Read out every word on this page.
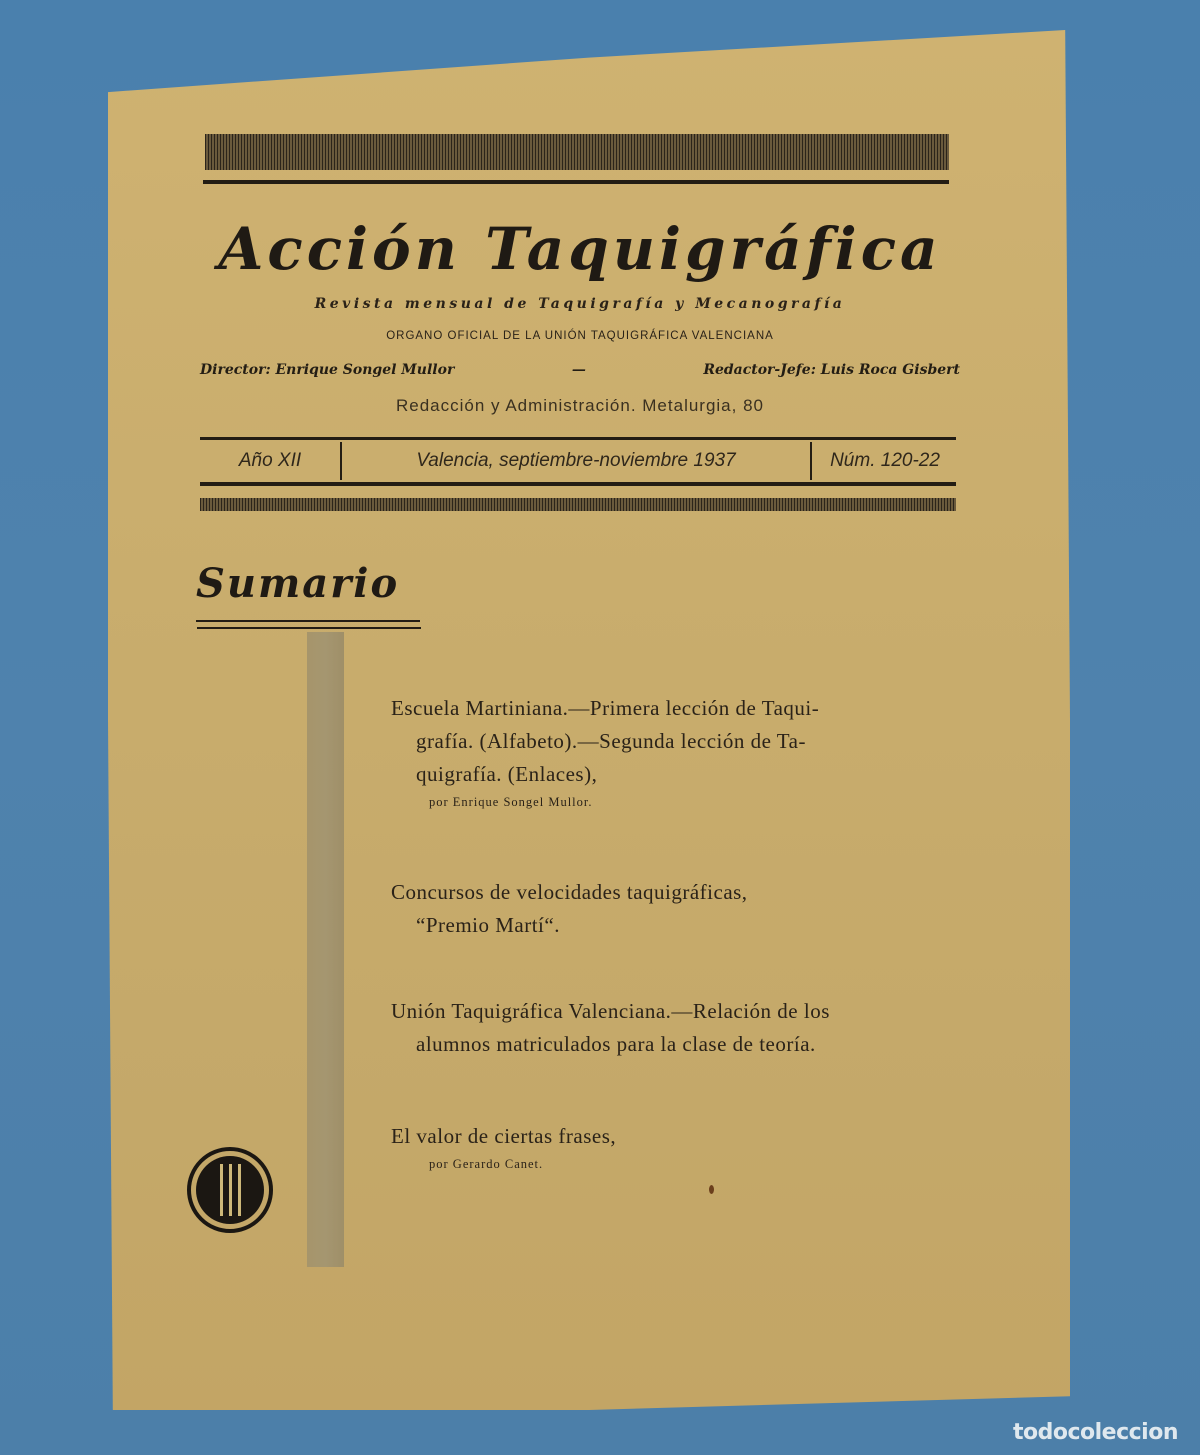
Acción Taquigráfica
Revista mensual de Taquigrafía y Mecanografía
ORGANO OFICIAL DE LA UNIÓN TAQUIGRÁFICA VALENCIANA
Director: Enrique Songel Mullor	—	Redactor-Jefe: Luis Roca Gisbert
Redacción y Administración. Metalurgia, 80
Año XII	Valencia, septiembre-noviembre 1937	Núm. 120-22
Sumario
Escuela Martiniana.—Primera lección de Taqui-
grafía. (Alfabeto).—Segunda lección de Ta-
quigrafía. (Enlaces),
por Enrique Songel Mullor.
Concursos de velocidades taquigráficas,
“Premio Martí“.
Unión Taquigráfica Valenciana.—Relación de los
alumnos matriculados para la clase de teoría.
El valor de ciertas frases,
por Gerardo Canet.
todocoleccion
